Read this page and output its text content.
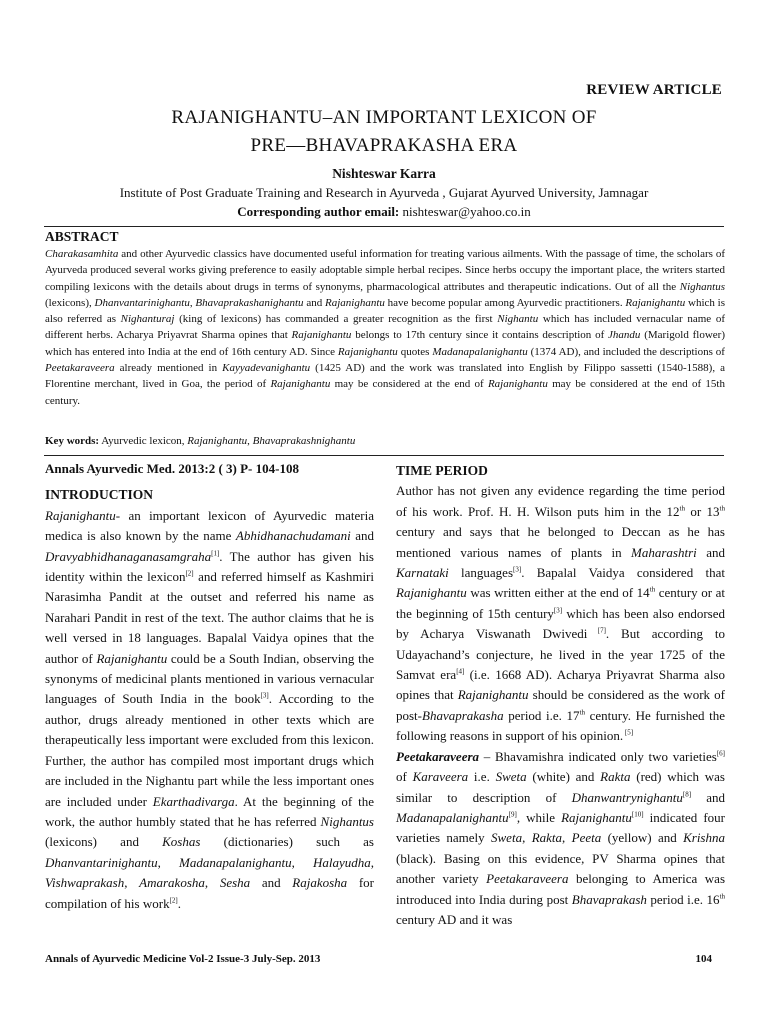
REVIEW ARTICLE
RAJANIGHANTU–AN IMPORTANT LEXICON OF
PRE—BHAVAPRAKASHA ERA
Nishteswar Karra
Institute of Post Graduate Training and Research in Ayurveda , Gujarat Ayurved University, Jamnagar
Corresponding author email: nishteswar@yahoo.co.in
ABSTRACT
Charakasamhita and other Ayurvedic classics have documented useful information for treating various ailments. With the passage of time, the scholars of Ayurveda produced several works giving preference to easily adoptable simple herbal recipes. Since herbs occupy the important place, the writers started compiling lexicons with the details about drugs in terms of synonyms, pharmacological attributes and therapeutic indications. Out of all the Nighantus (lexicons), Dhanvantarinighantu, Bhavaprakashanighantu and Rajanighantu have become popular among Ayurvedic practitioners. Rajanighantu which is also referred as Nighanturaj (king of lexicons) has commanded a greater recognition as the first Nighantu which has included vernacular name of different herbs. Acharya Priyavrat Sharma opines that Rajanighantu belongs to 17th century since it contains description of Jhandu (Marigold flower) which has entered into India at the end of 16th century AD. Since Rajanighantu quotes Madanapalanighantu (1374 AD), and included the descriptions of Peetakaraveera already mentioned in Kayyadevanighantu (1425 AD) and the work was translated into English by Filippo sassetti (1540-1588), a Florentine merchant, lived in Goa, the period of Rajanighantu may be considered at the end of Rajanighantu may be considered at the end of 15th century.
Key words: Ayurvedic lexicon, Rajanighantu, Bhavaprakashnighantu
Annals Ayurvedic Med. 2013:2 ( 3) P- 104-108
INTRODUCTION

Rajanighantu- an important lexicon of Ayurvedic materia medica is also known by the name Abhidhanachudamani and Dravyabhidhanaganasamgraha[1]. The author has given his identity within the lexicon[2] and referred himself as Kashmiri Narasimha Pandit at the outset and referred his name as Narahari Pandit in rest of the text. The author claims that he is well versed in 18 languages. Bapalal Vaidya opines that the author of Rajanighantu could be a South Indian, observing the synonyms of medicinal plants mentioned in various vernacular languages of South India in the book[3]. According to the author, drugs already mentioned in other texts which are therapeutically less important were excluded from this lexicon. Further, the author has compiled most important drugs which are included in the Nighantu part while the less important ones are included under Ekarthadivarga. At the beginning of the work, the author humbly stated that he has referred Nighantus (lexicons) and Koshas (dictionaries) such as Dhanvantarinighantu, Madanapalanighantu, Halayudha, Vishwaprakash, Amarakosha, Sesha and Rajakosha for compilation of his work[2].

TIME PERIOD

Author has not given any evidence regarding the time period of his work. Prof. H. H. Wilson puts him in the 12th or 13th century and says that he belonged to Deccan as he has mentioned various names of plants in Maharashtri and Karnataki languages[3]. Bapalal Vaidya considered that Rajanighantu was written either at the end of 14th century or at the beginning of 15th century[3] which has been also endorsed by Acharya Viswanath Dwivedi [7]. But according to Udayachand’s conjecture, he lived in the year 1725 of the Samvat era[4] (i.e. 1668 AD). Acharya Priyavrat Sharma also opines that Rajanighantu should be considered as the work of post-Bhavaprakasha period i.e. 17th century. He furnished the following reasons in support of his opinion. [5]
Peetakaraveera – Bhavamishra indicated only two varieties[6] of Karaveera i.e. Sweta (white) and Rakta (red) which was similar to description of Dhanwantrynighantu[8] and Madanapalanighantu[9], while Rajanighantu[10] indicated four varieties namely Sweta, Rakta, Peeta (yellow) and Krishna (black). Basing on this evidence, PV Sharma opines that another variety Peetakaraveera belonging to America was introduced into India during post Bhavaprakash period i.e. 16th century AD and it was

Annals of Ayurvedic Medicine Vol-2 Issue-3 July-Sep. 2013	104
